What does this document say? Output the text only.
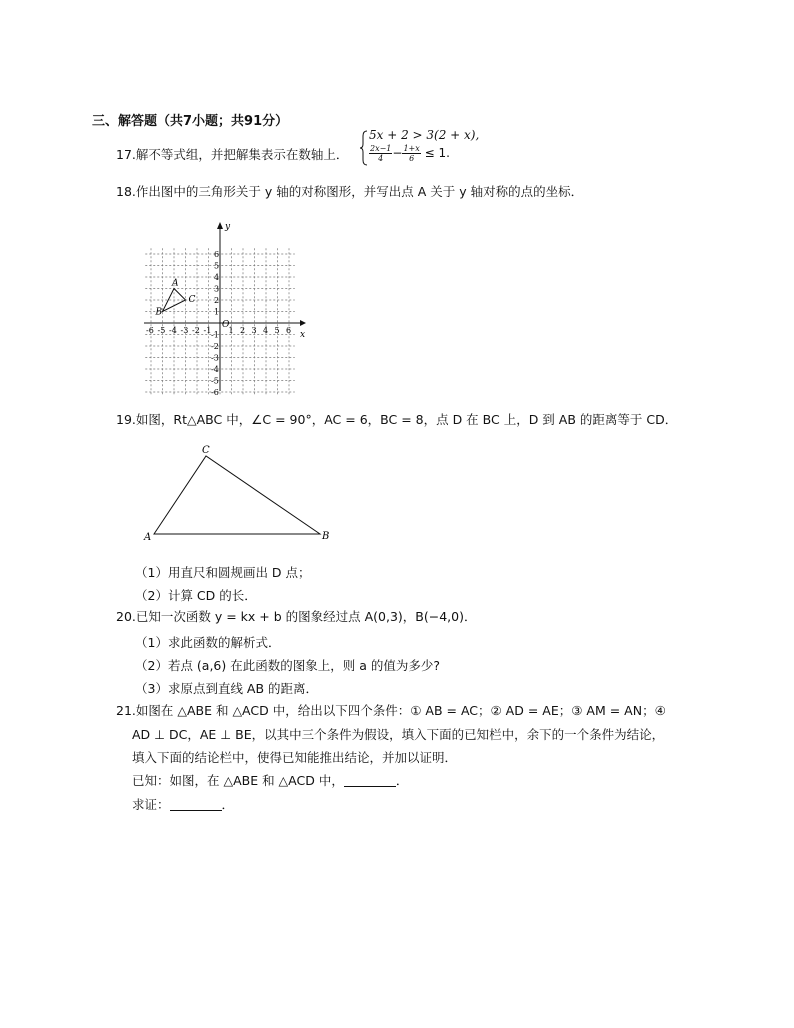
三、解答题（共7小题；共91分）
17.解不等式组，并把解集表示在数轴上．
5x + 2 > 3(2 + x),
$\frac{2x-1}{4} - \frac{1+x}{6} \le 1$.
18.作出图中的三角形关于 y 轴的对称图形，并写出点 A 关于 y 轴对称的点的坐标．
x
y
O
-6 -5 -4 -3 -2 -1 1 2 3 4 5 6
6
5
4
3
2
1
-1
-2
-3
-4
-5
-6
A
B
C
19.如图，Rt△ABC 中，∠C = 90°，AC = 6，BC = 8，点 D 在 BC 上，D 到 AB 的距离等于 CD．
A
C
B
（1）用直尺和圆规画出 D 点；
（2）计算 CD 的长．
20.已知一次函数 y = kx + b 的图象经过点 A(0,3)，B(−4,0)．
（1）求此函数的解析式．
（2）若点 (a,6) 在此函数的图象上，则 a 的值为多少?
（3）求原点到直线 AB 的距离．
21.如图在 △ABE 和 △ACD 中，给出以下四个条件：① AB = AC；② AD = AE；③ AM = AN；④
AD ⊥ DC，AE ⊥ BE，以其中三个条件为假设，填入下面的已知栏中，余下的一个条件为结论，
填入下面的结论栏中，使得已知能推出结论，并加以证明．
已知：如图，在 △ABE 和 △ACD 中，	．
求证：	．
